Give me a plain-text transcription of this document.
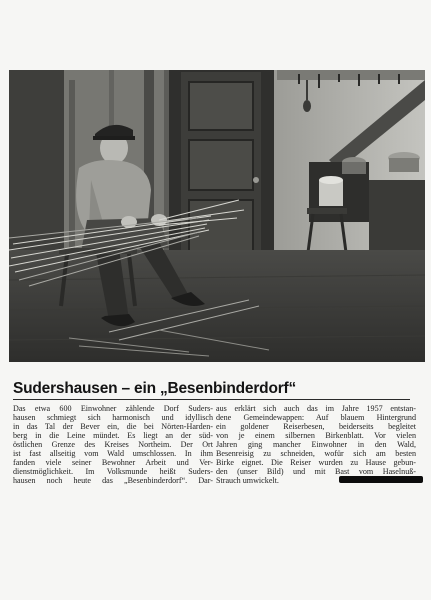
Sudershausen – ein „Besenbinderdorf“
Das etwa 600 Einwohner zählende Dorf Suders-
hausen schmiegt sich harmonisch und idyllisch
in das Tal der Bever ein, die bei Nörten-Harden-
berg in die Leine mündet. Es liegt an der süd-
östlichen Grenze des Kreises Northeim. Der Ort
ist fast allseitig vom Wald umschlossen. In ihm
fanden viele seiner Bewohner Arbeit und Ver-
dienstmöglichkeit. Im Volksmunde heißt Suders-
hausen noch heute das „Besenbinderdorf“. Dar-
aus erklärt sich auch das im Jahre 1957 entstan-
dene Gemeindewappen: Auf blauem Hintergrund
ein goldener Reiserbesen, beiderseits begleitet
von je einem silbernen Birkenblatt. Vor vielen
Jahren ging mancher Einwohner in den Wald,
Besenreisig zu schneiden, wofür sich am besten
Birke eignet. Die Reiser wurden zu Hause gebun-
den (unser Bild) und mit Bast vom Haselnuß-
Strauch umwickelt.
